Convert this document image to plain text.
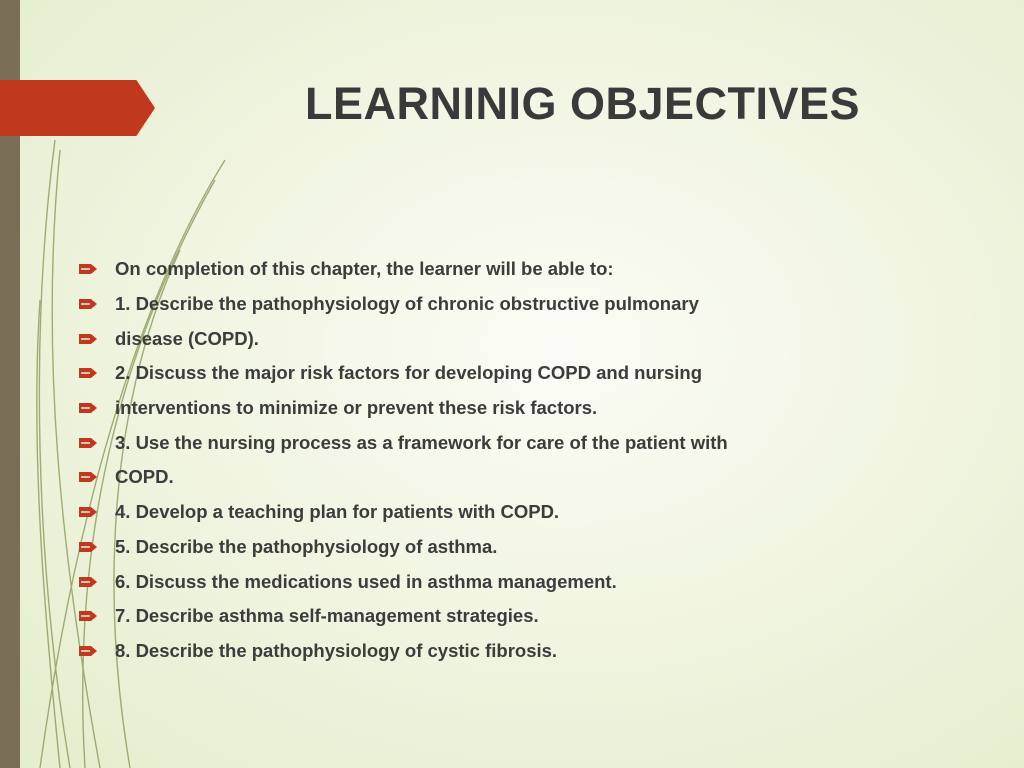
LEARNINIG OBJECTIVES
On completion of this chapter, the learner will be able to:
1. Describe the pathophysiology of chronic obstructive pulmonary
disease (COPD).
2. Discuss the major risk factors for developing COPD and nursing
interventions to minimize or prevent these risk factors.
3. Use the nursing process as a framework for care of the patient with
COPD.
4. Develop a teaching plan for patients with COPD.
5. Describe the pathophysiology of asthma.
6. Discuss the medications used in asthma management.
7. Describe asthma self-management strategies.
8. Describe the pathophysiology of cystic fibrosis.
